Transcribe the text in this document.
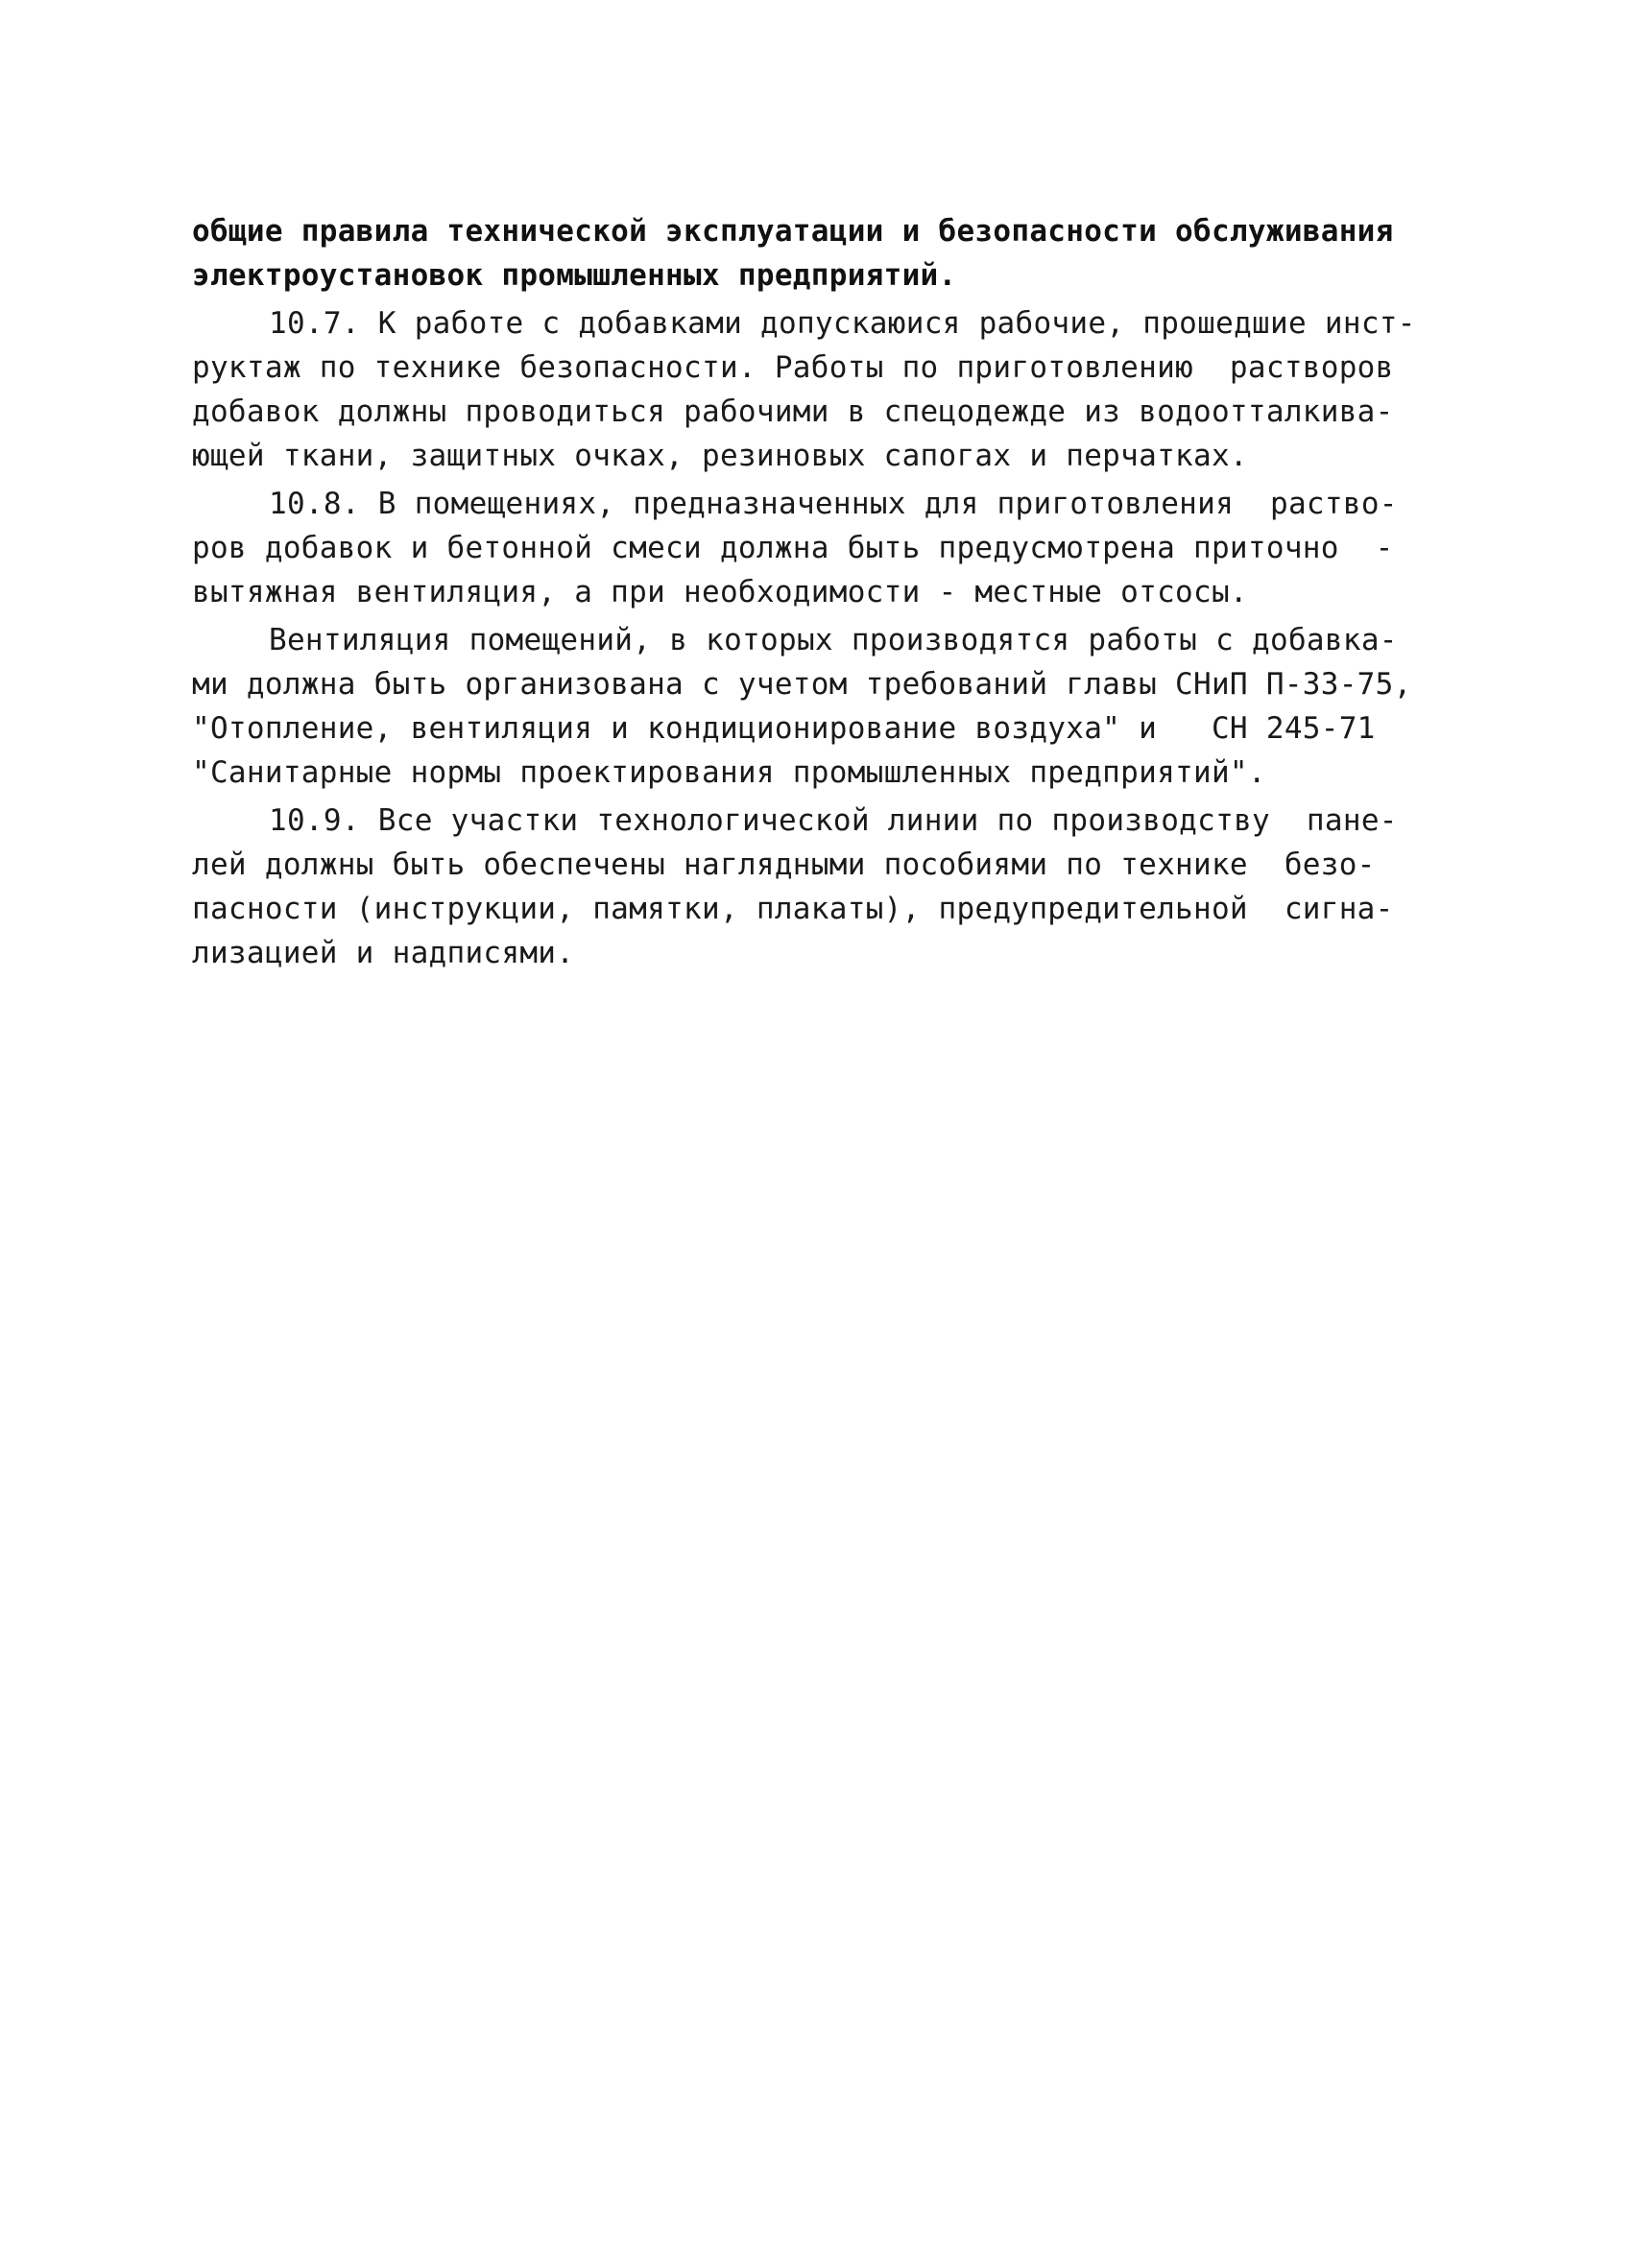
общие правила технической эксплуатации и безопасности обслуживания
электроустановок промышленных предприятий.
10.7. К работе с добавками допускаюися рабочие, прошедшие инст-
руктаж по технике безопасности. Работы по приготовлению  растворов
добавок должны проводиться рабочими в спецодежде из водоотталкива-
ющей ткани, защитных очках, резиновых сапогах и перчатках.
10.8. В помещениях, предназначенных для приготовления  раство-
ров добавок и бетонной смеси должна быть предусмотрена приточно  -
вытяжная вентиляция, а при необходимости - местные отсосы.
Вентиляция помещений, в которых производятся работы с добавка-
ми должна быть организована с учетом требований главы СНиП П-33-75,
"Отопление, вентиляция и кондиционирование воздуха" и   СН 245-71
"Санитарные нормы проектирования промышленных предприятий".
10.9. Все участки технологической линии по производству  пане-
лей должны быть обеспечены наглядными пособиями по технике  безо-
пасности (инструкции, памятки, плакаты), предупредительной  сигна-
лизацией и надписями.
